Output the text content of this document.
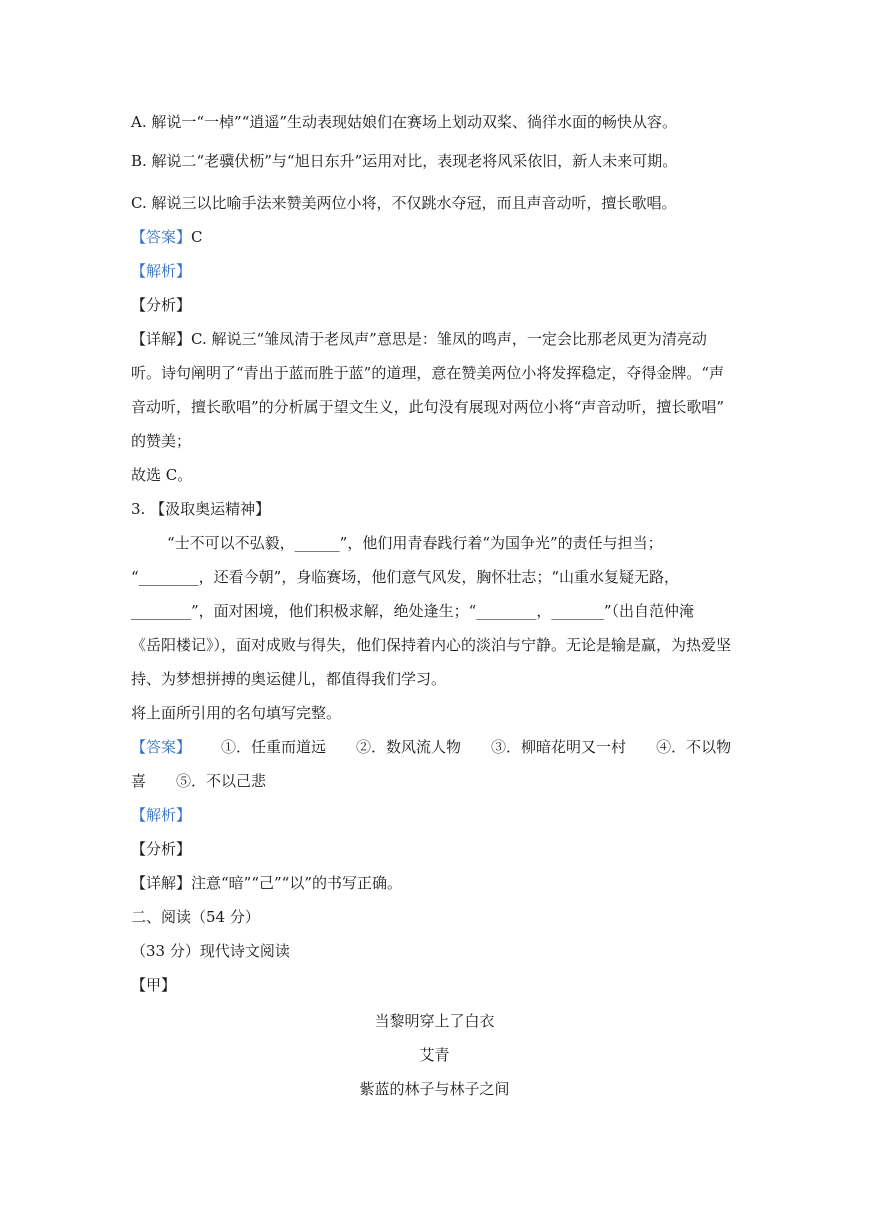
A. 解说一“一棹”“逍遥”生动表现姑娘们在赛场上划动双桨、徜徉水面的畅快从容。
B. 解说二“老骥伏枥”与“旭日东升”运用对比，表现老将风采依旧，新人未来可期。
C. 解说三以比喻手法来赞美两位小将，不仅跳水夺冠，而且声音动听，擅长歌唱。
【答案】C
【解析】
【分析】
【详解】C. 解说三“雏凤清于老凤声”意思是：雏凤的鸣声，一定会比那老凤更为清亮动
听。诗句阐明了“青出于蓝而胜于蓝”的道理，意在赞美两位小将发挥稳定，夺得金牌。“声
音动听，擅长歌唱”的分析属于望文生义，此句没有展现对两位小将“声音动听，擅长歌唱”
的赞美；
故选 C。
3. 【汲取奥运精神】
“士不可以不弘毅，______”，他们用青春践行着“为国争光”的责任与担当；
“________，还看今朝”，身临赛场，他们意气风发，胸怀壮志；“山重水复疑无路，
________”，面对困境，他们积极求解，绝处逢生；“________，_______”（出自范仲淹
《岳阳楼记》），面对成败与得失，他们保持着内心的淡泊与宁静。无论是输是赢，为热爱坚
持、为梦想拼搏的奥运健儿，都值得我们学习。
将上面所引用的名句填写完整。
【答案】 ①．任重而道远 ②．数风流人物 ③．柳暗花明又一村 ④．不以物
喜 ⑤．不以己悲
【解析】
【分析】
【详解】注意“暗”“己”“以”的书写正确。
二、阅读（54 分）
（33 分）现代诗文阅读
【甲】
当黎明穿上了白衣
艾青
紫蓝的林子与林子之间
